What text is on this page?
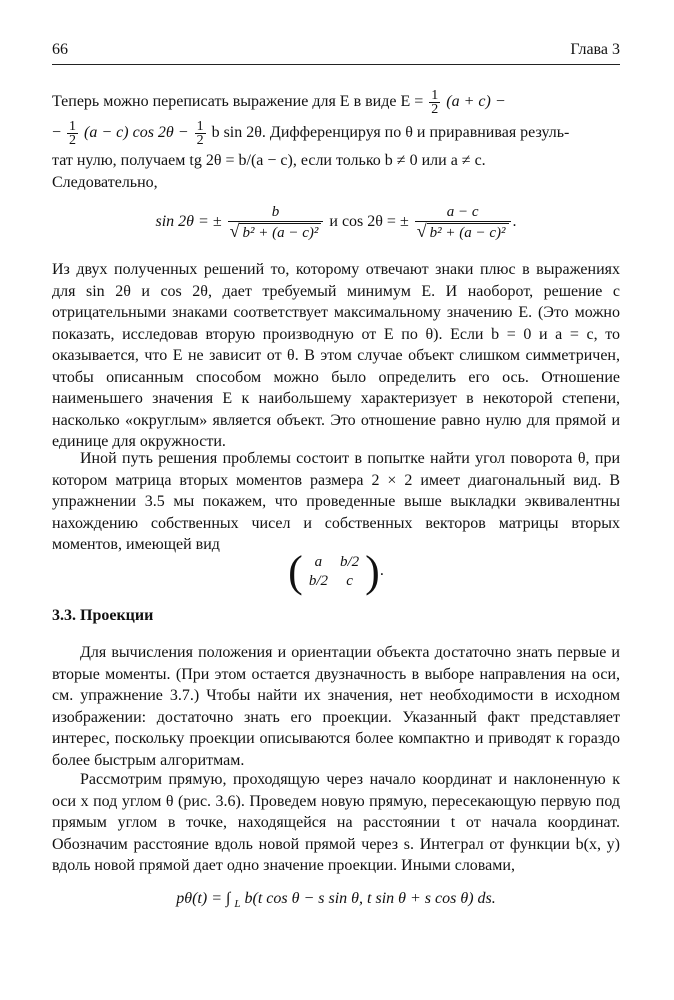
66	Глава 3

Теперь можно переписать выражение для E в виде $E = \frac{1}{2} (a + c)$ −

− $\frac{1}{2} (a - c)$ $\cos 2\theta - \frac{1}{2}$ b sin 2θ. Дифференцируя по θ и приравнивая резуль-

тат нулю, получаем tg 2θ = b/(a − c), если только b ≠ 0 или a ≠ c.

Следовательно,

sin 2θ = ± $\frac{b}{\text{√ b² + (a − c)²}}$ и cos 2θ = ± $\frac{a - c}{\text{√ b² + (a − c)²}}$ .

Из двух полученных решений то, которому отвечают знаки плюс в выражениях для sin 2θ и cos 2θ, дает требуемый минимум E. И наоборот, решение с отрицательными знаками соответствует максимальному значению E. (Это можно показать, исследовав вторую производную от E по θ). Если b = 0 и a = c, то оказывается, что E не зависит от θ. В этом случае объект слишком симметричен, чтобы описанным способом можно было определить его ось. Отношение наименьшего значения E к наибольшему характеризует в некоторой степени, насколько «округлым» является объект. Это отношение равно нулю для прямой и единице для окружности.

Иной путь решения проблемы состоит в попытке найти угол поворота θ, при котором матрица вторых моментов размера 2 × 2 имеет диагональный вид. В упражнении 3.5 мы покажем, что проведенные выше выкладки эквивалентны нахождению собственных чисел и собственных векторов матрицы вторых моментов, имеющей вид

( a	b/2
b/2	c ).
3.3. Проекции

Для вычисления положения и ориентации объекта достаточно знать первые и вторые моменты. (При этом остается двузначность в выборе направления на оси, см. упражнение 3.7.) Чтобы найти их значения, нет необходимости в исходном изображении: достаточно знать его проекции. Указанный факт представляет интерес, поскольку проекции описываются более компактно и приводят к гораздо более быстрым алгоритмам.

Рассмотрим прямую, проходящую через начало координат и наклоненную к оси x под углом θ (рис. 3.6). Проведем новую прямую, пересекающую первую под прямым углом в точке, находящейся на расстоянии t от начала координат. Обозначим расстояние вдоль новой прямой через s. Интеграл от функции b(x, y) вдоль новой прямой дает одно значение проекции. Иными словами,

pθ(t) = ∫ $_L$ b(t cos θ − s sin θ, t sin θ + s cos θ) ds.
